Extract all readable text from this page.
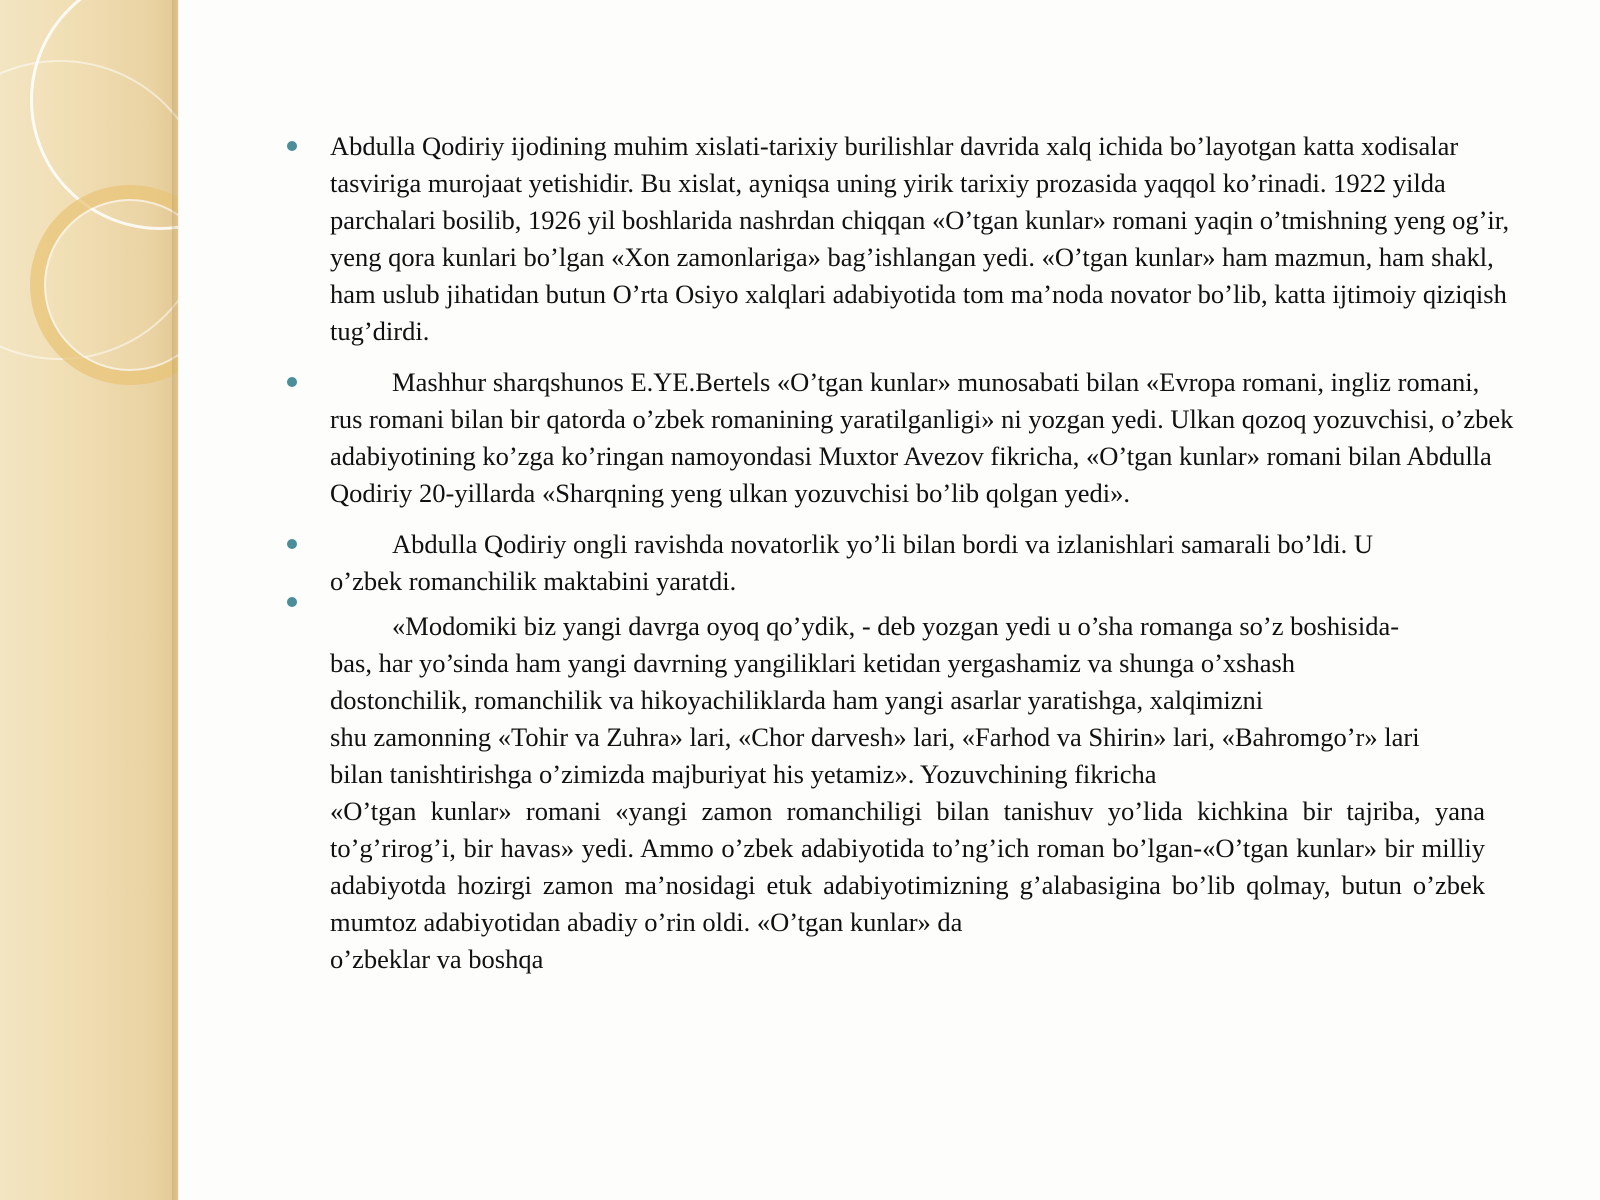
Abdulla Qodiriy ijodining muhim xislati-tarixiy burilishlar davrida xalq ichida bo’layotgan katta xodisalar tasviriga murojaat yetishidir. Bu xislat, ayniqsa uning yirik tarixiy prozasida yaqqol ko’rinadi. 1922 yilda parchalari bosilib, 1926 yil boshlarida nashrdan chiqqan «O’tgan kunlar» romani yaqin o’tmishning yeng og’ir, yeng qora kunlari bo’lgan «Xon zamonlariga» bag’ishlangan yedi. «O’tgan kunlar» ham mazmun, ham shakl, ham uslub jihatidan butun O’rta Osiyo xalqlari adabiyotida tom ma’noda novator bo’lib, katta ijtimoiy qiziqish tug’dirdi.

Mashhur sharqshunos E.YE.Bertels «O’tgan kunlar» munosabati bilan «Evropa romani, ingliz romani, rus romani bilan bir qatorda o’zbek romanining yaratilganligi» ni yozgan yedi. Ulkan qozoq yozuvchisi, o’zbek adabiyotining ko’zga ko’ringan namoyondasi Muxtor Avezov fikricha, «O’tgan kunlar» romani bilan Abdulla Qodiriy 20-yillarda «Sharqning yeng ulkan yozuvchisi bo’lib qolgan yedi».

Abdulla Qodiriy ongli ravishda novatorlik yo’li bilan bordi va izlanishlari samarali bo’ldi. U

o’zbek romanchilik maktabini yaratdi.

«Modomiki biz yangi davrga oyoq qo’ydik, - deb yozgan yedi u o’sha romanga so’z boshisida-bas, har yo’sinda ham yangi davrning yangiliklari ketidan yergashamiz va shunga o’xshash dostonchilik, romanchilik va hikoyachiliklarda ham yangi asarlar yaratishga, xalqimizni

shu zamonning «Tohir va Zuhra» lari, «Chor darvesh» lari, «Farhod va Shirin» lari, «Bahromgo’r» lari bilan tanishtirishga o’zimizda majburiyat his yetamiz». Yozuvchining fikricha

«O’tgan kunlar» romani «yangi zamon romanchiligi bilan tanishuv yo’lida kichkina bir tajriba, yana to’g’rirog’i, bir havas» yedi. Ammo o’zbek adabiyotida to’ng’ich roman bo’lgan-«O’tgan kunlar» bir milliy adabiyotda hozirgi zamon ma’nosidagi etuk adabiyotimizning g’alabasigina bo’lib qolmay, butun o’zbek mumtoz adabiyotidan abadiy o’rin oldi. «O’tgan kunlar» da

o’zbeklar va boshqa
